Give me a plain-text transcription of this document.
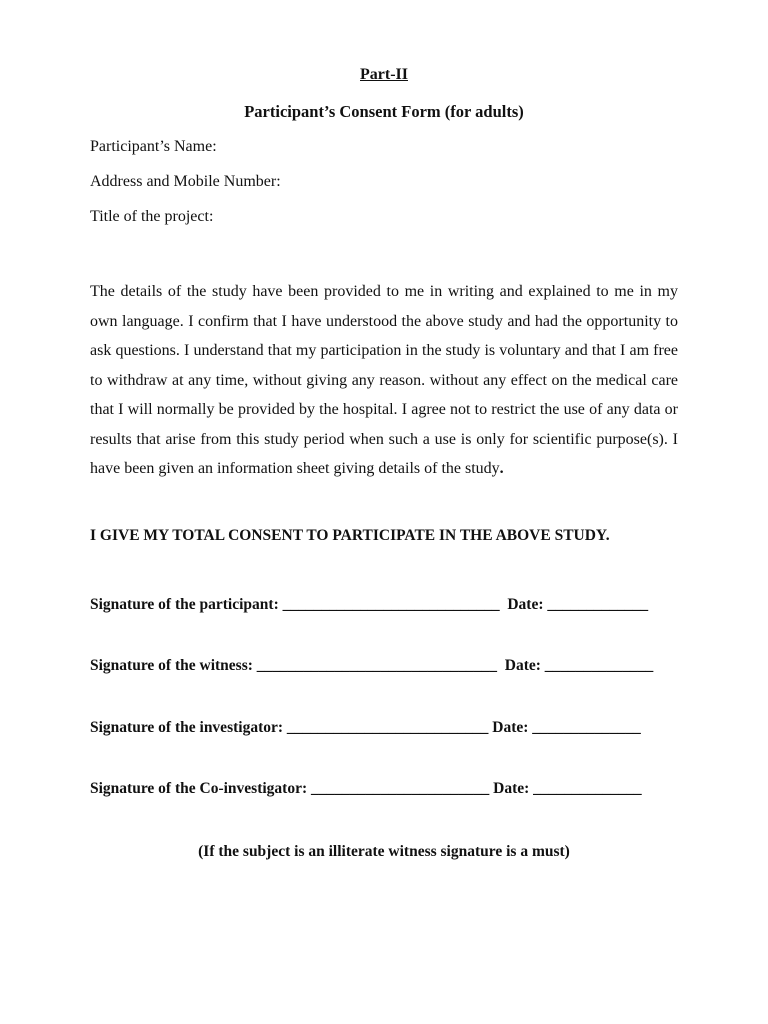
Part-II
Participant’s Consent Form (for adults)
Participant’s Name:
Address and Mobile Number:
Title of the project:

The details of the study have been provided to me in writing and explained to me in my own language. I confirm that I have understood the above study and had the opportunity to ask questions. I understand that my participation in the study is voluntary and that I am free to withdraw at any time, without giving any reason. without any effect on the medical care that I will normally be provided by the hospital. I agree not to restrict the use of any data or results that arise from this study period when such a use is only for scientific purpose(s). I have been given an information sheet giving details of the study.

I GIVE MY TOTAL CONSENT TO PARTICIPATE IN THE ABOVE STUDY.
Signature of the participant: ____________________________  Date: _____________
Signature of the witness: _______________________________  Date: ______________
Signature of the investigator: __________________________ Date: ______________
Signature of the Co-investigator: _______________________ Date: ______________
(If the subject is an illiterate witness signature is a must)
